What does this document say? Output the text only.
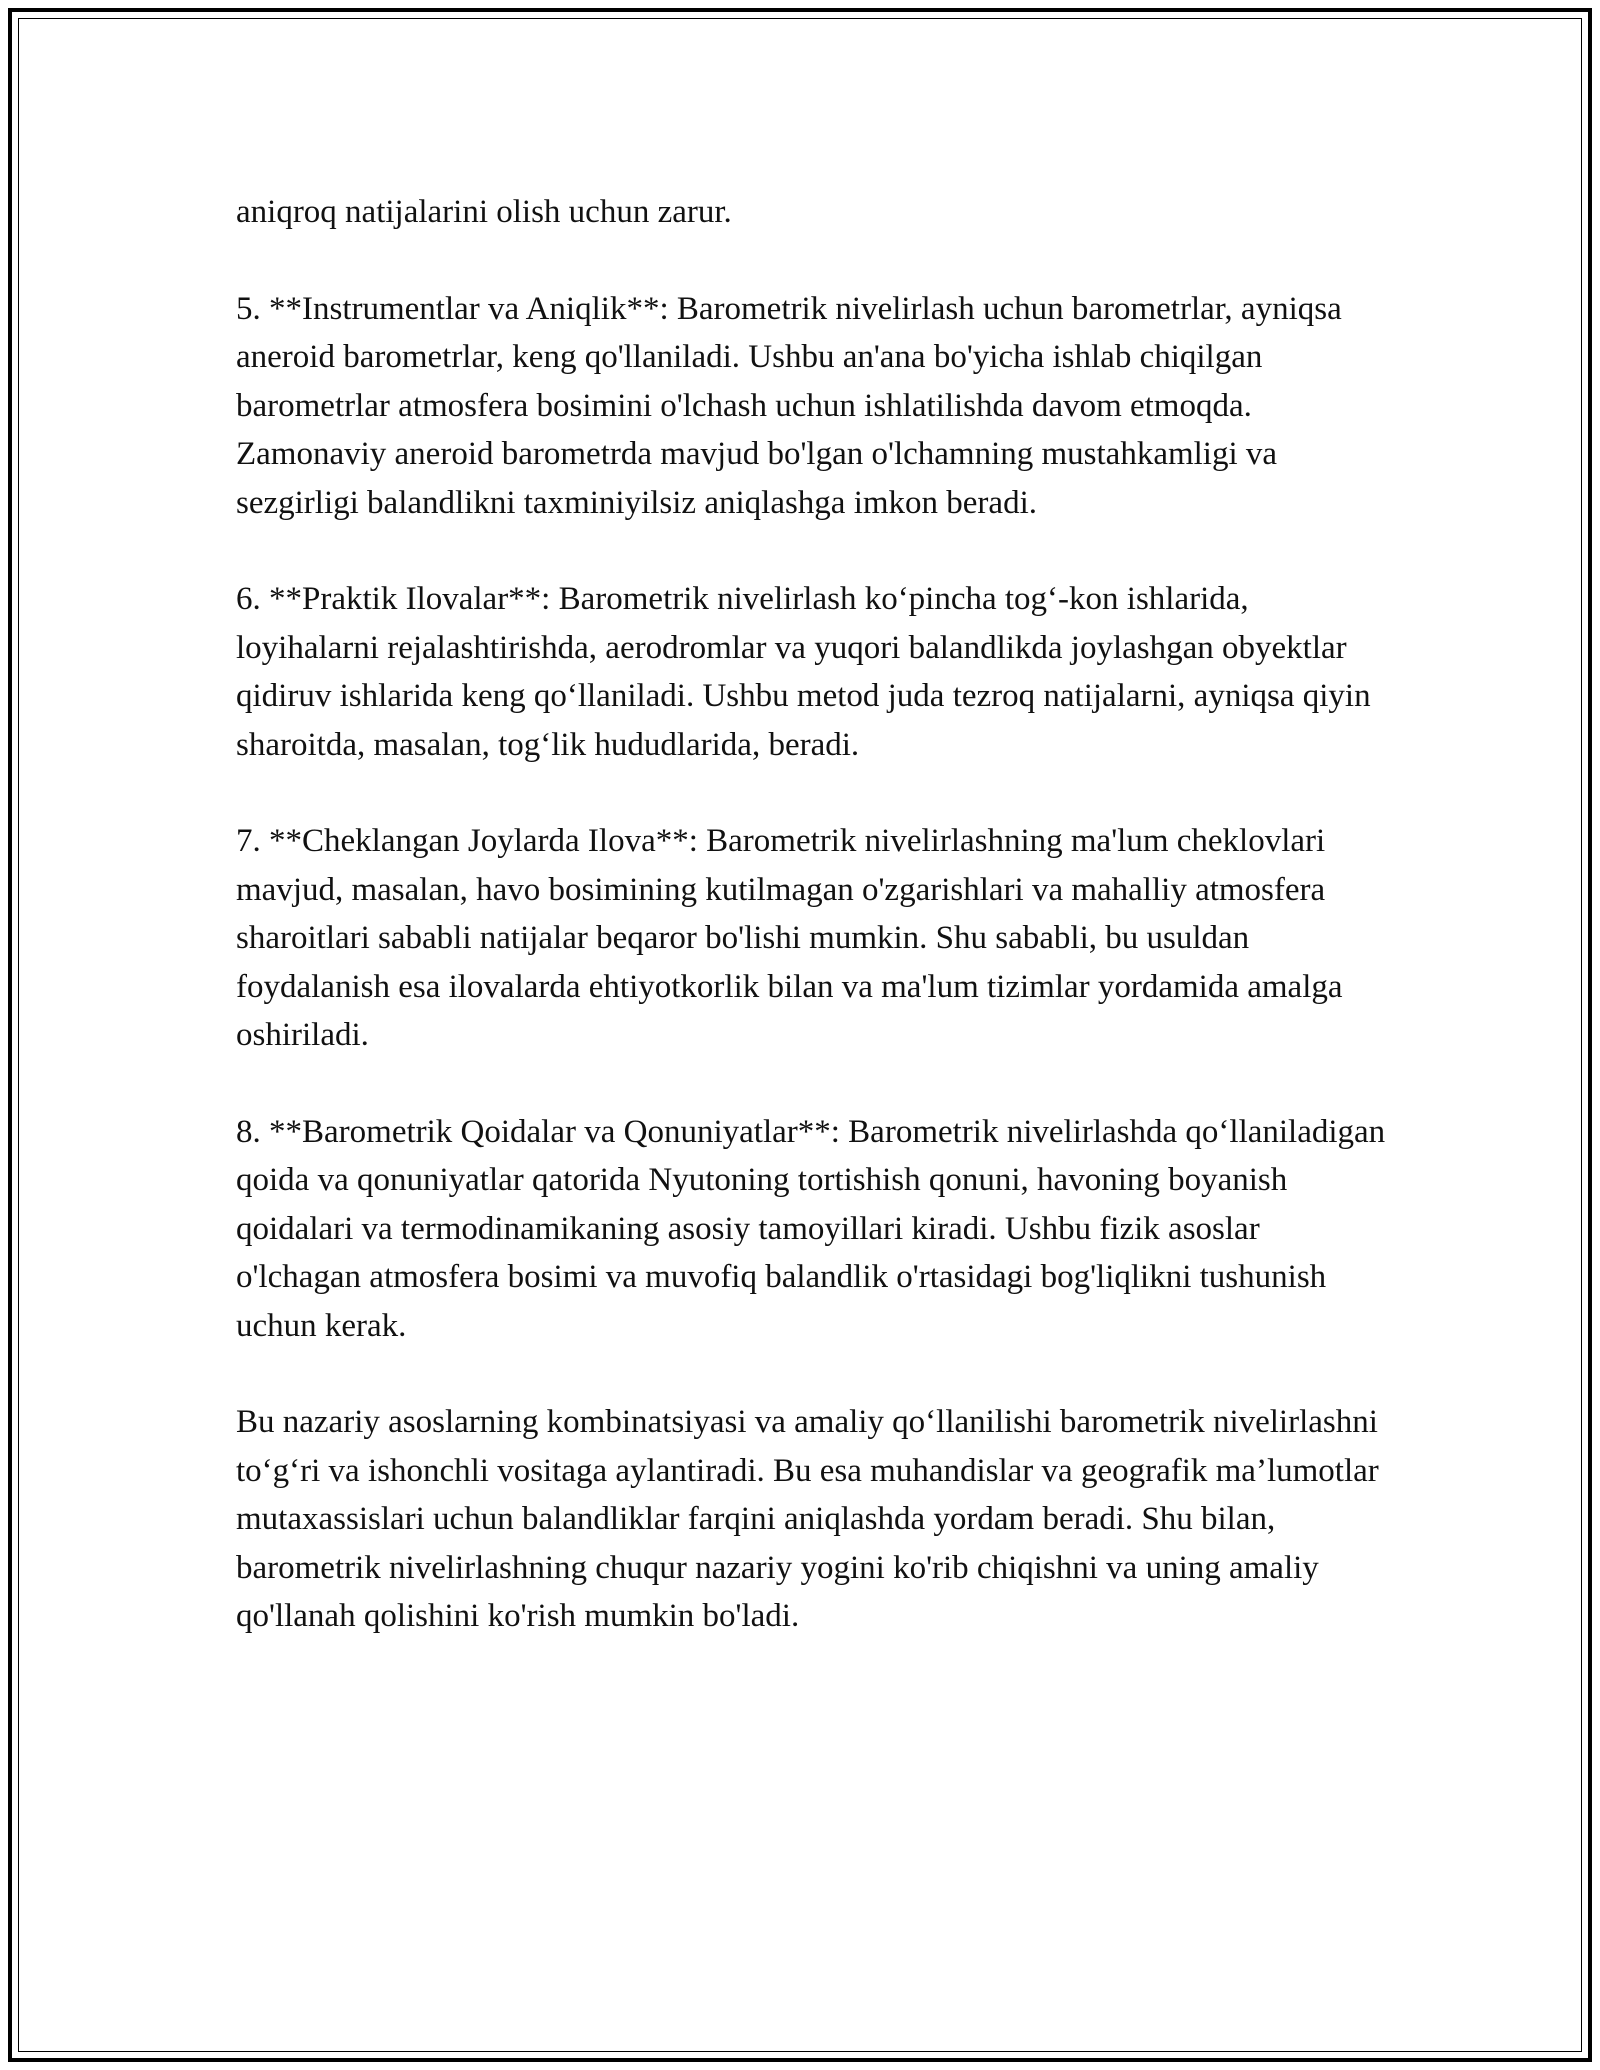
aniqroq natijalarini olish uchun zarur.

5. **Instrumentlar va Aniqlik**: Barometrik nivelirlash uchun barometrlar, ayniqsa aneroid barometrlar, keng qo'llaniladi. Ushbu an'ana bo'yicha ishlab chiqilgan barometrlar atmosfera bosimini o'lchash uchun ishlatilishda davom etmoqda. Zamonaviy aneroid barometrda mavjud bo'lgan o'lchamning mustahkamligi va sezgirligi balandlikni taxminiyilsiz aniqlashga imkon beradi.

6. **Praktik Ilovalar**: Barometrik nivelirlash ko‘pincha tog‘-kon ishlarida, loyihalarni rejalashtirishda, aerodromlar va yuqori balandlikda joylashgan obyektlar qidiruv ishlarida keng qo‘llaniladi. Ushbu metod juda tezroq natijalarni, ayniqsa qiyin sharoitda, masalan, tog‘lik hududlarida, beradi.

7. **Cheklangan Joylarda Ilova**: Barometrik nivelirlashning ma'lum cheklovlari mavjud, masalan, havo bosimining kutilmagan o'zgarishlari va mahalliy atmosfera sharoitlari sababli natijalar beqaror bo'lishi mumkin. Shu sababli, bu usuldan foydalanish esa ilovalarda ehtiyotkorlik bilan va ma'lum tizimlar yordamida amalga oshiriladi.

8. **Barometrik Qoidalar va Qonuniyatlar**: Barometrik nivelirlashda qo‘llaniladigan qoida va qonuniyatlar qatorida Nyutoning tortishish qonuni, havoning boyanish qoidalari va termodinamikaning asosiy tamoyillari kiradi. Ushbu fizik asoslar o'lchagan atmosfera bosimi va muvofiq balandlik o'rtasidagi bog'liqlikni tushunish uchun kerak.

Bu nazariy asoslarning kombinatsiyasi va amaliy qo‘llanilishi barometrik nivelirlashni to‘g‘ri va ishonchli vositaga aylantiradi. Bu esa muhandislar va geografik ma’lumotlar mutaxassislari uchun balandliklar farqini aniqlashda yordam beradi. Shu bilan, barometrik nivelirlashning chuqur nazariy yogini ko'rib chiqishni va uning amaliy qo'llanah qolishini ko'rish mumkin bo'ladi.
